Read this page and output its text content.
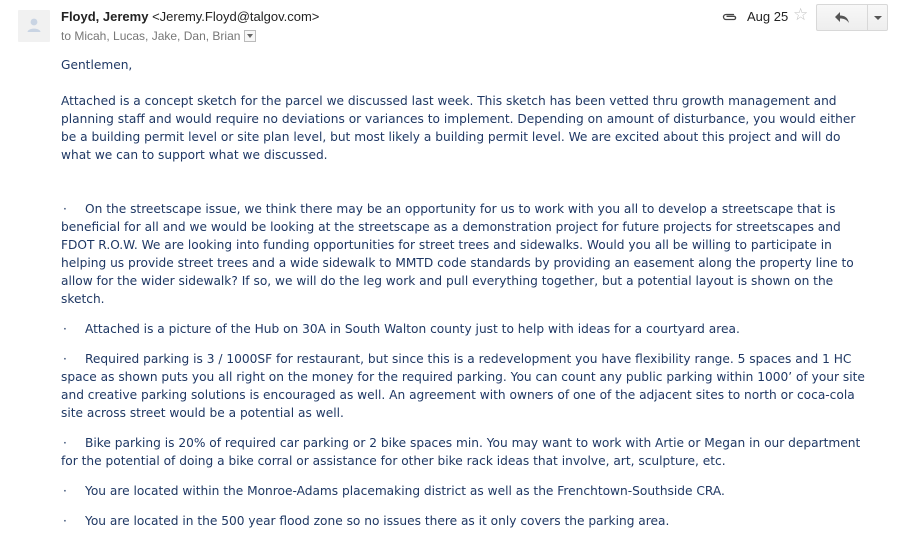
Floyd, Jeremy <Jeremy.Floyd@talgov.com>
to Micah, Lucas, Jake, Dan, Brian
Aug 25 ☆

Gentlemen,

Attached is a concept sketch for the parcel we discussed last week. This sketch has been vetted thru growth management and planning staff and would require no deviations or variances to implement. Depending on amount of disturbance, you would either be a building permit level or site plan level, but most likely a building permit level. We are excited about this project and will do what we can to support what we discussed.

· On the streetscape issue, we think there may be an opportunity for us to work with you all to develop a streetscape that is beneficial for all and we would be looking at the streetscape as a demonstration project for future projects for streetscapes and FDOT R.O.W. We are looking into funding opportunities for street trees and sidewalks. Would you all be willing to participate in helping us provide street trees and a wide sidewalk to MMTD code standards by providing an easement along the property line to allow for the wider sidewalk? If so, we will do the leg work and pull everything together, but a potential layout is shown on the sketch.

· Attached is a picture of the Hub on 30A in South Walton county just to help with ideas for a courtyard area.

· Required parking is 3 / 1000SF for restaurant, but since this is a redevelopment you have flexibility range. 5 spaces and 1 HC space as shown puts you all right on the money for the required parking. You can count any public parking within 1000’ of your site and creative parking solutions is encouraged as well. An agreement with owners of one of the adjacent sites to north or coca-cola site across street would be a potential as well.

· Bike parking is 20% of required car parking or 2 bike spaces min. You may want to work with Artie or Megan in our department for the potential of doing a bike corral or assistance for other bike rack ideas that involve, art, sculpture, etc.

· You are located within the Monroe-Adams placemaking district as well as the Frenchtown-Southside CRA.

· You are located in the 500 year flood zone so no issues there as it only covers the parking area.
